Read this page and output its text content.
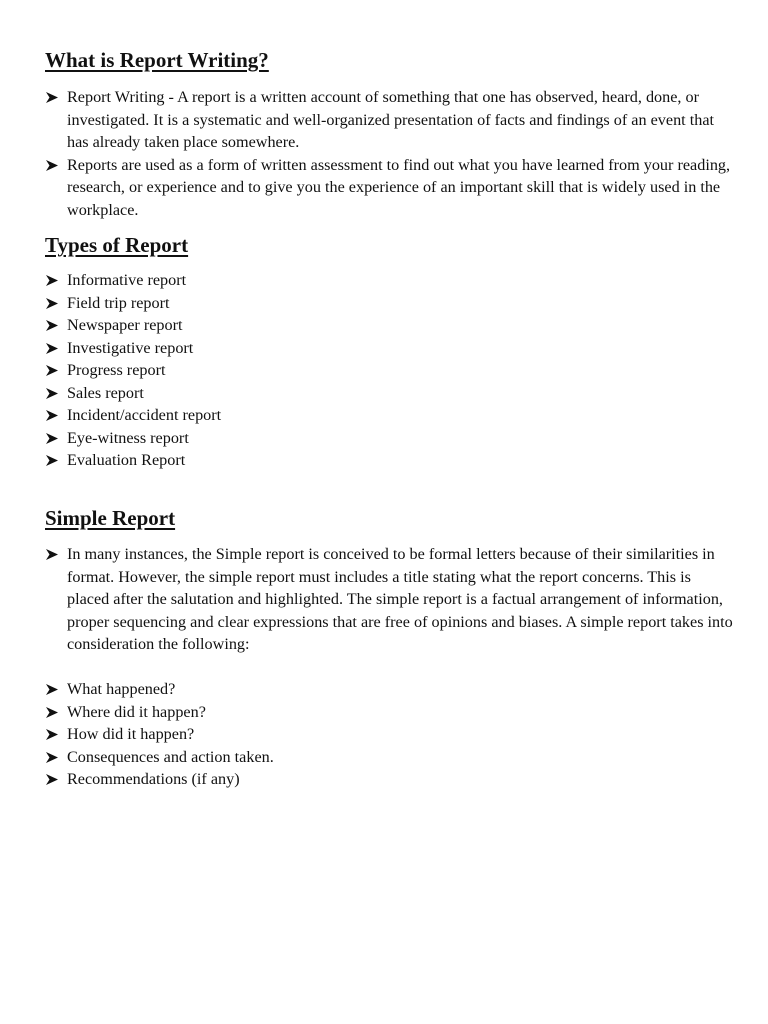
What is Report Writing?
Report Writing - A report is a written account of something that one has observed, heard, done, or investigated. It is a systematic and well-organized presentation of facts and findings of an event that has already taken place somewhere.
Reports are used as a form of written assessment to find out what you have learned from your reading, research, or experience and to give you the experience of an important skill that is widely used in the workplace.
Types of Report
Informative report
Field trip report
Newspaper report
Investigative report
Progress report
Sales report
Incident/accident report
Eye-witness report
Evaluation Report
Simple Report
In many instances, the Simple report is conceived to be formal letters because of their similarities in format. However, the simple report must includes a title stating what the report concerns. This is placed after the salutation and highlighted. The simple report is a factual arrangement of information, proper sequencing and clear expressions that are free of opinions and biases. A simple report takes into consideration the following:
What happened?
Where did it happen?
How did it happen?
Consequences and action taken.
Recommendations (if any)
